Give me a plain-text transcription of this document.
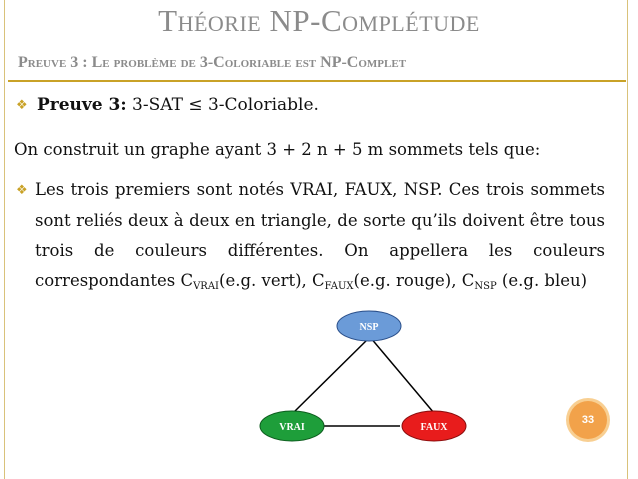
Théorie NP-Complétude
Preuve 3 : Le problème de 3-Coloriable est NP-Complet
❖ Preuve 3: 3-SAT ≤ 3-Coloriable.
On construit un graphe ayant 3 + 2 n + 5 m sommets tels que:
❖ Les trois premiers sont notés VRAI, FAUX, NSP. Ces trois sommets
sont reliés deux à deux en triangle, de sorte qu’ils doivent être tous
trois de couleurs différentes. On appellera les couleurs
correspondantes $C_{VRAI}(e.g$. vert), $C_{FAUX}(e.g$. rouge), $C_{NSP}$ (e.g. bleu)
NSP
VRAI	FAUX
33
